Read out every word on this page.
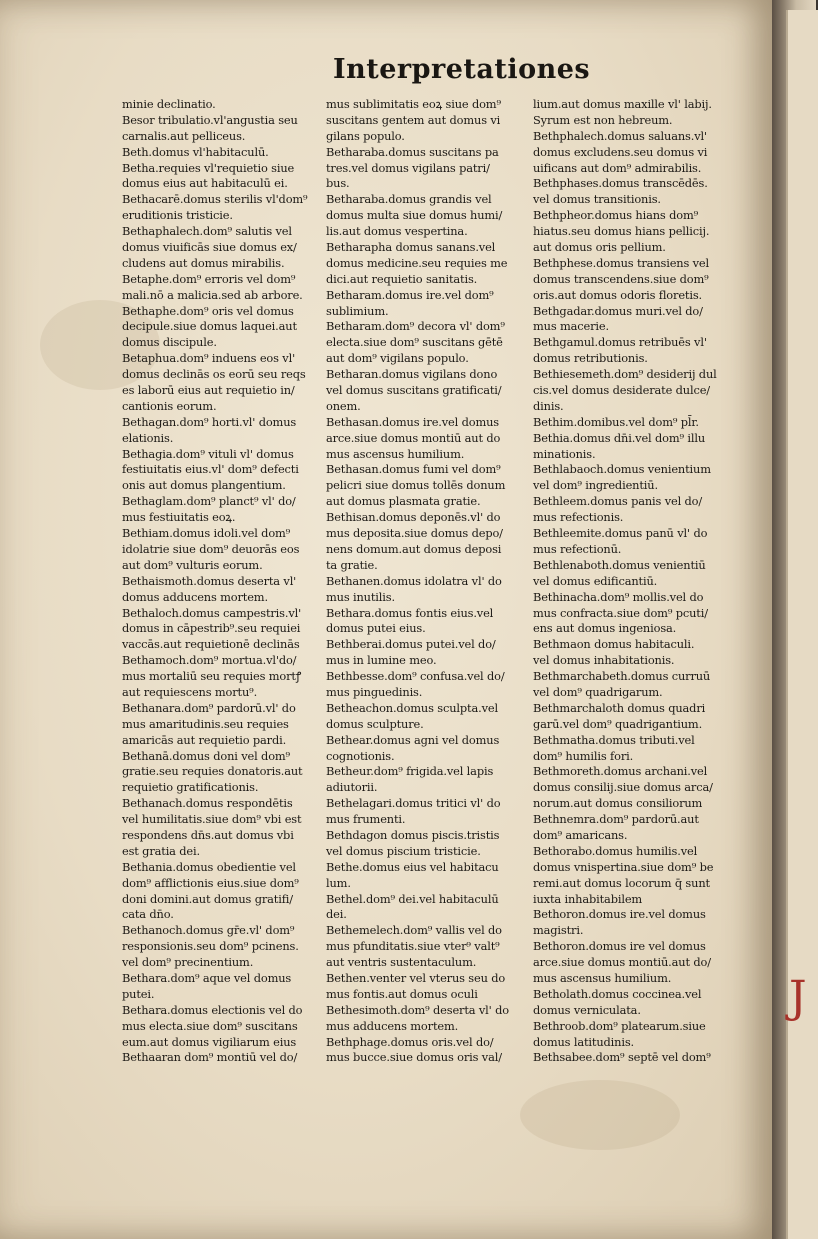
Interpretationes
minie declinatio.
Besor tribulatio.vl'angustia seu
carnalis.aut pelliceus.
Beth.domus vl'habitaculū.
Betha.requies vl'requietio siue
domus eius aut habitaculū ei.
Bethacarē.domus sterilis vl'dom⁹
eruditionis tristicie.
Bethaphalech.dom⁹ salutis vel
domus viuificās siue domus ex/
cludens aut domus mirabilis.
Betaphe.dom⁹ erroris vel dom⁹
mali.nō a malicia.sed ab arbore.
Bethaphe.dom⁹ oris vel domus
decipule.siue domus laquei.aut
domus discipule.
Betaphua.dom⁹ induens eos vl'
domus declinās os eorū seu reqs
es laborū eius aut requietio in/
cantionis eorum.
Bethagan.dom⁹ horti.vl' domus
elationis.
Bethagia.dom⁹ vituli vl' domus
festiuitatis eius.vl' dom⁹ defecti
onis aut domus plangentium.
Bethaglam.dom⁹ planct⁹ vl' do/
mus festiuitatis eoꝝ.
Bethiam.domus idoli.vel dom⁹
idolatrie siue dom⁹ deuorās eos
aut dom⁹ vulturis eorum.
Bethaismoth.domus deserta vl'
domus adducens mortem.
Bethaloch.domus campestris.vl'
domus in cāpestrib⁹.seu requiei
vaccās.aut requietionē declinās
Bethamoch.dom⁹ mortua.vl'do/
mus mortaliū seu requies mortꝭ
aut requiescens mortu⁹.
Bethanara.dom⁹ pardorū.vl' do
mus amaritudinis.seu requies
amaricās aut requietio pardi.
Bethanā.domus doni vel dom⁹
gratie.seu requies donatoris.aut
requietio gratificationis.
Bethanach.domus respondētis
vel humilitatis.siue dom⁹ vbi est
respondens dn̄s.aut domus vbi
est gratia dei.
Bethania.domus obedientie vel
dom⁹ afflictionis eius.siue dom⁹
doni domini.aut domus gratifi/
cata dn̄o.
Bethanoch.domus gr̄e.vl' dom⁹
responsionis.seu dom⁹ pcinens.
vel dom⁹ precinentium.
Bethara.dom⁹ aque vel domus
putei.
Bethara.domus electionis vel do
mus electa.siue dom⁹ suscitans
eum.aut domus vigiliarum eius
Bethaaran dom⁹ montiū vel do/
mus sublimitatis eoꝝ siue dom⁹
suscitans gentem aut domus vi
gilans populo.
Betharaba.domus suscitans pa
tres.vel domus vigilans patri/
bus.
Betharaba.domus grandis vel
domus multa siue domus humi/
lis.aut domus vespertina.
Betharapha domus sanans.vel
domus medicine.seu requies me
dici.aut requietio sanitatis.
Betharam.domus ire.vel dom⁹
sublimium.
Betharam.dom⁹ decora vl' dom⁹
electa.siue dom⁹ suscitans gētē
aut dom⁹ vigilans populo.
Betharan.domus vigilans dono
vel domus suscitans gratificati/
onem.
Bethasan.domus ire.vel domus
arce.siue domus montiū aut do
mus ascensus humilium.
Bethasan.domus fumi vel dom⁹
pelicri siue domus tollēs donum
aut domus plasmata gratie.
Bethisan.domus deponēs.vl' do
mus deposita.siue domus depo/
nens domum.aut domus deposi
ta gratie.
Bethanen.domus idolatra vl' do
mus inutilis.
Bethara.domus fontis eius.vel
domus putei eius.
Bethberai.domus putei.vel do/
mus in lumine meo.
Bethbesse.dom⁹ confusa.vel do/
mus pinguedinis.
Betheachon.domus sculpta.vel
domus sculpture.
Bethear.domus agni vel domus
cognotionis.
Betheur.dom⁹ frigida.vel lapis
adiutorii.
Bethelagari.domus tritici vl' do
mus frumenti.
Bethdagon domus piscis.tristis
vel domus piscium tristicie.
Bethe.domus eius vel habitacu
lum.
Bethel.dom⁹ dei.vel habitaculū
dei.
Bethemelech.dom⁹ vallis vel do
mus pfunditatis.siue vter⁹ valt⁹
aut ventris sustentaculum.
Bethen.venter vel vterus seu do
mus fontis.aut domus oculi
Bethesimoth.dom⁹ deserta vl' do
mus adducens mortem.
Bethphage.domus oris.vel do/
mus bucce.siue domus oris val/
lium.aut domus maxille vl' labij.
Syrum est non hebreum.
Bethphalech.domus saluans.vl'
domus excludens.seu domus vi
uificans aut dom⁹ admirabilis.
Bethphases.domus transcēdēs.
vel domus transitionis.
Bethpheor.domus hians dom⁹
hiatus.seu domus hians pellicij.
aut domus oris pellium.
Bethphese.domus transiens vel
domus transcendens.siue dom⁹
oris.aut domus odoris floretis.
Bethgadar.domus muri.vel do/
mus macerie.
Bethgamul.domus retribuēs vl'
domus retributionis.
Bethiesemeth.dom⁹ desiderij dul
cis.vel domus desiderate dulce/
dinis.
Bethim.domibus.vel dom⁹ pl̄r.
Bethia.domus dn̄i.vel dom⁹ illu
minationis.
Bethlabaoch.domus venientium
vel dom⁹ ingredientiū.
Bethleem.domus panis vel do/
mus refectionis.
Bethleemite.domus panū vl' do
mus refectionū.
Bethlenaboth.domus venientiū
vel domus edificantiū.
Bethinacha.dom⁹ mollis.vel do
mus confracta.siue dom⁹ pcuti/
ens aut domus ingeniosa.
Bethmaon domus habitaculi.
vel domus inhabitationis.
Bethmarchabeth.domus curruū
vel dom⁹ quadrigarum.
Bethmarchaloth domus quadri
garū.vel dom⁹ quadrigantium.
Bethmatha.domus tributi.vel
dom⁹ humilis fori.
Bethmoreth.domus archani.vel
domus consilij.siue domus arca/
norum.aut domus consiliorum
Bethnemra.dom⁹ pardorū.aut
dom⁹ amaricans.
Bethorabo.domus humilis.vel
domus vnispertina.siue dom⁹ be
remi.aut domus locorum q̄ sunt
iuxta inhabitabilem
Bethoron.domus ire.vel domus
magistri.
Bethoron.domus ire vel domus
arce.siue domus montiū.aut do/
mus ascensus humilium.
Betholath.domus coccinea.vel
domus verniculata.
Bethroob.dom⁹ platearum.siue
domus latitudinis.
Bethsabee.dom⁹ septē vel dom⁹
J
